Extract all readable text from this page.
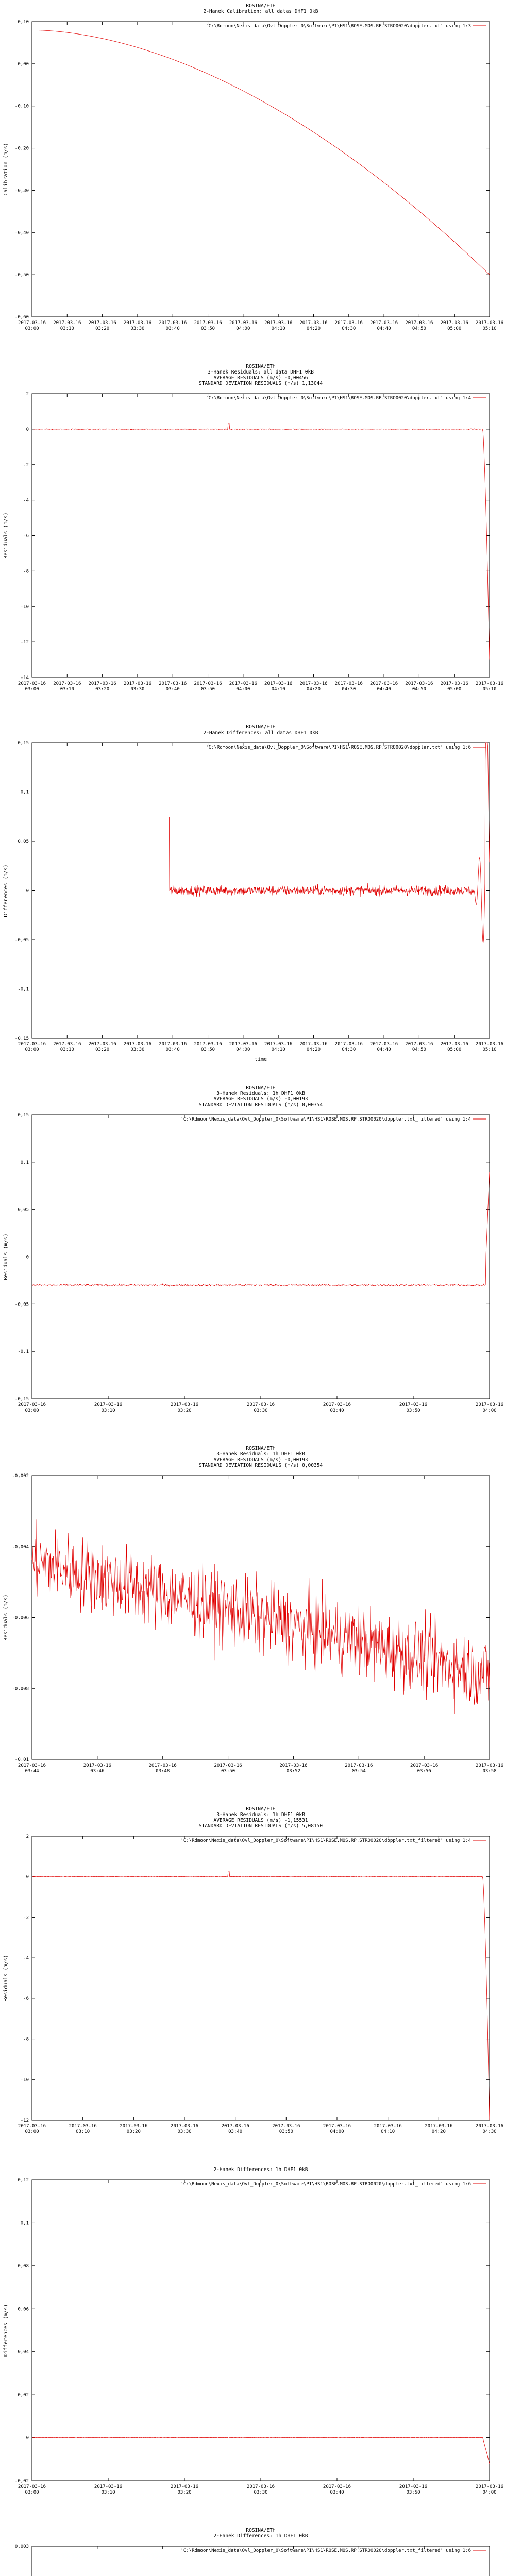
ROSINA/ETH
2-Hanek Calibration: all datas DHF1 0kB
'C:\Rdmoon\Nexis_data\Ovl_Doppler_0\Software\PI\HS1\ROSE.MOS.RP.STRO0020\doppler.txt' using 1:3
0,10
0,00
-0,10
-0,20
-0,30
-0,40
-0,50
-0,60
2017-03-16
03:00
2017-03-16
03:10
2017-03-16
03:20
2017-03-16
03:30
2017-03-16
03:40
2017-03-16
03:50
2017-03-16
04:00
2017-03-16
04:10
2017-03-16
04:20
2017-03-16
04:30
2017-03-16
04:40
2017-03-16
04:50
2017-03-16
05:00
2017-03-16
05:10
Calibration (m/s)
ROSINA/ETH
3-Hanek Residuals: all data DHF1 0kB
AVERAGE RESIDUALS (m/s) -0,00456
STANDARD DEVIATION RESIDUALS (m/s) 1,13044
'C:\Rdmoon\Nexis_data\Ovl_Doppler_0\Software\PI\HS1\ROSE.MOS.RP.STRO0020\doppler.txt' using 1:4
2
0
-2
-4
-6
-8
-10
-12
-14
2017-03-16
03:00
2017-03-16
03:10
2017-03-16
03:20
2017-03-16
03:30
2017-03-16
03:40
2017-03-16
03:50
2017-03-16
04:00
2017-03-16
04:10
2017-03-16
04:20
2017-03-16
04:30
2017-03-16
04:40
2017-03-16
04:50
2017-03-16
05:00
2017-03-16
05:10
Residuals (m/s)
ROSINA/ETH
2-Hanek Differences: all datas DHF1 0kB
'C:\Rdmoon\Nexis_data\Ovl_Doppler_0\Software\PI\HS1\ROSE.MOS.RP.STRO0020\doppler.txt' using 1:6
0,15
0,1
0,05
0
-0,05
-0,1
-0,15
2017-03-16
03:00
2017-03-16
03:10
2017-03-16
03:20
2017-03-16
03:30
2017-03-16
03:40
2017-03-16
03:50
2017-03-16
04:00
2017-03-16
04:10
2017-03-16
04:20
2017-03-16
04:30
2017-03-16
04:40
2017-03-16
04:50
2017-03-16
05:00
2017-03-16
05:10
time
Differences (m/s)
ROSINA/ETH
3-Hanek Residuals: 1h DHF1 0kB
AVERAGE RESIDUALS (m/s) -0,00193
STANDARD DEVIATION RESIDUALS (m/s) 0,00354
'C:\Rdmoon\Nexis_data\Ovl_Doppler_0\Software\PI\HS1\ROSE.MOS.RP.STRO0020\doppler.txt_filtered' using 1:4
0,15
0,1
0,05
0
-0,05
-0,1
-0,15
2017-03-16
03:00
2017-03-16
03:10
2017-03-16
03:20
2017-03-16
03:30
2017-03-16
03:40
2017-03-16
03:50
2017-03-16
04:00
Residuals (m/s)
ROSINA/ETH
3-Hanek Residuals: 1h DHF1 0kB
AVERAGE RESIDUALS (m/s) -0,00193
STANDARD DEVIATION RESIDUALS (m/s) 0,00354
-0,002
-0,004
-0,006
-0,008
-0,01
2017-03-16
03:44
2017-03-16
03:46
2017-03-16
03:48
2017-03-16
03:50
2017-03-16
03:52
2017-03-16
03:54
2017-03-16
03:56
2017-03-16
03:58
Residuals (m/s)
ROSINA/ETH
3-Hanek Residuals: 1h DHF1 0kB
AVERAGE RESIDUALS (m/s) -1,15531
STANDARD DEVIATION RESIDUALS (m/s) 5,08150
'C:\Rdmoon\Nexis_data\Ovl_Doppler_0\Software\PI\HS1\ROSE.MOS.RP.STRO0020\doppler.txt_filtered' using 1:4
2
0
-2
-4
-6
-8
-10
-12
2017-03-16
03:00
2017-03-16
03:10
2017-03-16
03:20
2017-03-16
03:30
2017-03-16
03:40
2017-03-16
03:50
2017-03-16
04:00
2017-03-16
04:10
2017-03-16
04:20
2017-03-16
04:30
Residuals (m/s)
2-Hanek Differences: 1h DHF1 0kB
'C:\Rdmoon\Nexis_data\Ovl_Doppler_0\Software\PI\HS1\ROSE.MOS.RP.STRO0020\doppler.txt_filtered' using 1:6
0,12
0,1
0,08
0,06
0,04
0,02
0
-0,02
2017-03-16
03:00
2017-03-16
03:10
2017-03-16
03:20
2017-03-16
03:30
2017-03-16
03:40
2017-03-16
03:50
2017-03-16
04:00
Differences (m/s)
ROSINA/ETH
2-Hanek Differences: 1h DHF1 0kB
'C:\Rdmoon\Nexis_data\Ovl_Doppler_0\Software\PI\HS1\ROSE.MOS.RP.STRO0020\doppler.txt_filtered' using 1:6
0,003
